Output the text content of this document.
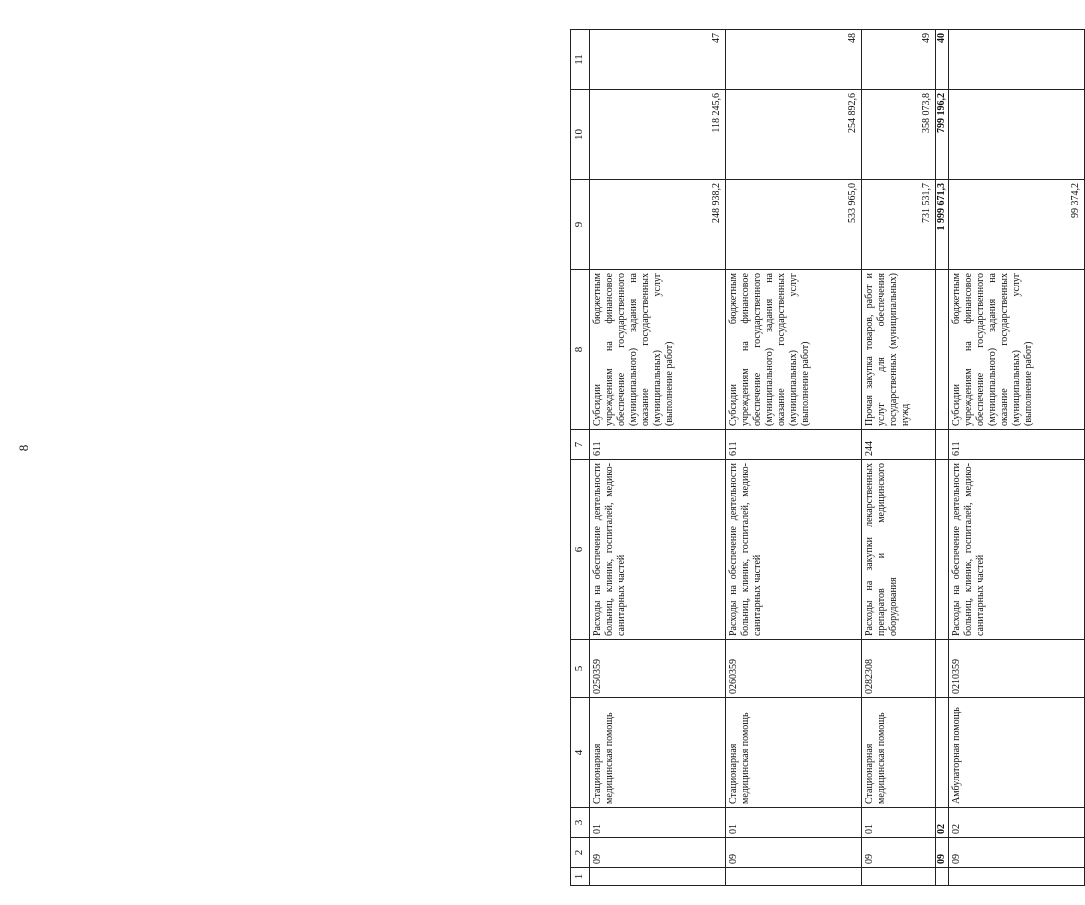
8
1	2	3	4	5	6	7	8	9	10	11
	09	01	Стационарная медицинская помощь	0250359	Расходы на обеспечение деятельности больниц, клиник, госпиталей, медико-санитарных частей	611	Субсидии бюджетным учреждениям на финансовое обеспечение государственного (муниципального) задания на оказание государственных (муниципальных) услуг (выполнение работ)	248 938,2	118 245,6	47
	09	01	Стационарная медицинская помощь	0260359	Расходы на обеспечение деятельности больниц, клиник, госпиталей, медико-санитарных частей	611	Субсидии бюджетным учреждениям на финансовое обеспечение государственного (муниципального) задания на оказание государственных (муниципальных) услуг (выполнение работ)	533 965,0	254 892,6	48
	09	01	Стационарная медицинская помощь	0282308	Расходы на закупки лекарственных препаратов и медицинского оборудования	244	Прочая закупка товаров, работ и услуг для обеспечения государственных (муниципальных) нужд	731 531,7	358 073,8	49
	09	02						1 999 671,3	799 196,2	40
	09	02	Амбулаторная помощь	0210359	Расходы на обеспечение деятельности больниц, клиник, госпиталей, медико-санитарных частей	611	Субсидии бюджетным учреждениям на финансовое обеспечение государственного (муниципального) задания на оказание государственных (муниципальных) услуг (выполнение работ)	99 374,2		
